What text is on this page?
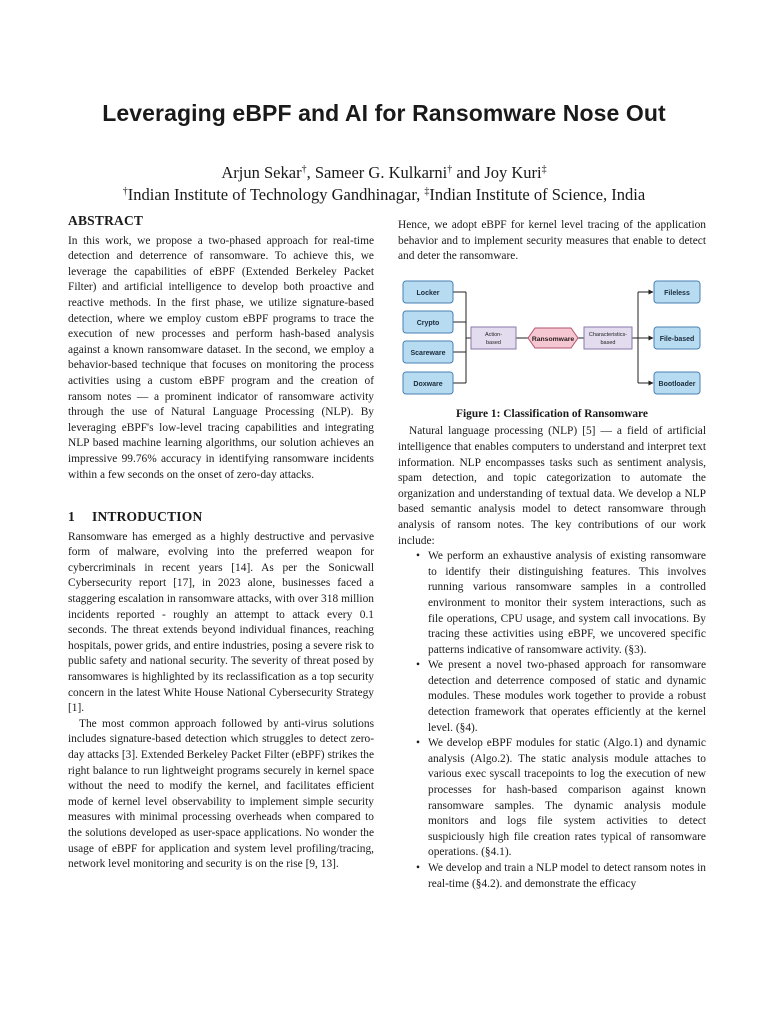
Leveraging eBPF and AI for Ransomware Nose Out
Arjun Sekar†, Sameer G. Kulkarni† and Joy Kuri‡
†Indian Institute of Technology Gandhinagar, ‡Indian Institute of Science, India
ABSTRACT

In this work, we propose a two-phased approach for real-time detection and deterrence of ransomware. To achieve this, we leverage the capabilities of eBPF (Extended Berkeley Packet Filter) and artificial intelligence to develop both proactive and reactive methods. In the first phase, we utilize signature-based detection, where we employ custom eBPF programs to trace the execution of new processes and perform hash-based analysis against a known ransomware dataset. In the second, we employ a behavior-based technique that focuses on monitoring the process activities using a custom eBPF program and the creation of ransom notes — a prominent indicator of ransomware activity through the use of Natural Language Processing (NLP). By leveraging eBPF's low-level tracing capabilities and integrating NLP based machine learning algorithms, our solution achieves an impressive 99.76% accuracy in identifying ransomware incidents within a few seconds on the onset of zero-day attacks.

1 INTRODUCTION

Ransomware has emerged as a highly destructive and pervasive form of malware, evolving into the preferred weapon for cybercriminals in recent years [14]. As per the Sonicwall Cybersecurity report [17], in 2023 alone, businesses faced a staggering escalation in ransomware attacks, with over 318 million incidents reported - roughly an attempt to attack every 0.1 seconds. The threat extends beyond individual finances, reaching hospitals, power grids, and entire industries, posing a severe risk to public safety and national security. The severity of threat posed by ransomwares is highlighted by its reclassification as a top security concern in the latest White House National Cybersecurity Strategy [1].

The most common approach followed by anti-virus solutions includes signature-based detection which struggles to detect zero-day attacks [3]. Extended Berkeley Packet Filter (eBPF) strikes the right balance to run lightweight programs securely in kernel space without the need to modify the kernel, and facilitates efficient mode of kernel level observability to implement simple security measures with minimal processing overheads when compared to the solutions developed as user-space applications. No wonder the usage of eBPF for application and system level profiling/tracing, network level monitoring and security is on the rise [9, 13].

Hence, we adopt eBPF for kernel level tracing of the application behavior and to implement security measures that enable to detect and deter the ransomware.

Locker
Crypto
Scareware
Doxware
Action-
based	Ransomware
Characteristics-
based
Fileless
File-based
Bootloader
Figure 1: Classification of Ransomware

Natural language processing (NLP) [5] — a field of artificial intelligence that enables computers to understand and interpret text information. NLP encompasses tasks such as sentiment analysis, spam detection, and topic categorization to automate the organization and understanding of textual data. We develop a NLP based semantic analysis model to detect ransomware through analysis of ransom notes. The key contributions of our work include:

• We perform an exhaustive analysis of existing ransomware to identify their distinguishing features. This involves running various ransomware samples in a controlled environment to monitor their system interactions, such as file operations, CPU usage, and system call invocations. By tracing these activities using eBPF, we uncovered specific patterns indicative of ransomware activity. (§3).
• We present a novel two-phased approach for ransomware detection and deterrence composed of static and dynamic modules. These modules work together to provide a robust detection framework that operates efficiently at the kernel level. (§4).
• We develop eBPF modules for static (Algo.1) and dynamic analysis (Algo.2). The static analysis module attaches to various exec syscall tracepoints to log the execution of new processes for hash-based comparison against known ransomware samples. The dynamic analysis module monitors and logs file system activities to detect suspiciously high file creation rates typical of ransomware operations. (§4.1).
• We develop and train a NLP model to detect ransom notes in real-time (§4.2). and demonstrate the efficacy
